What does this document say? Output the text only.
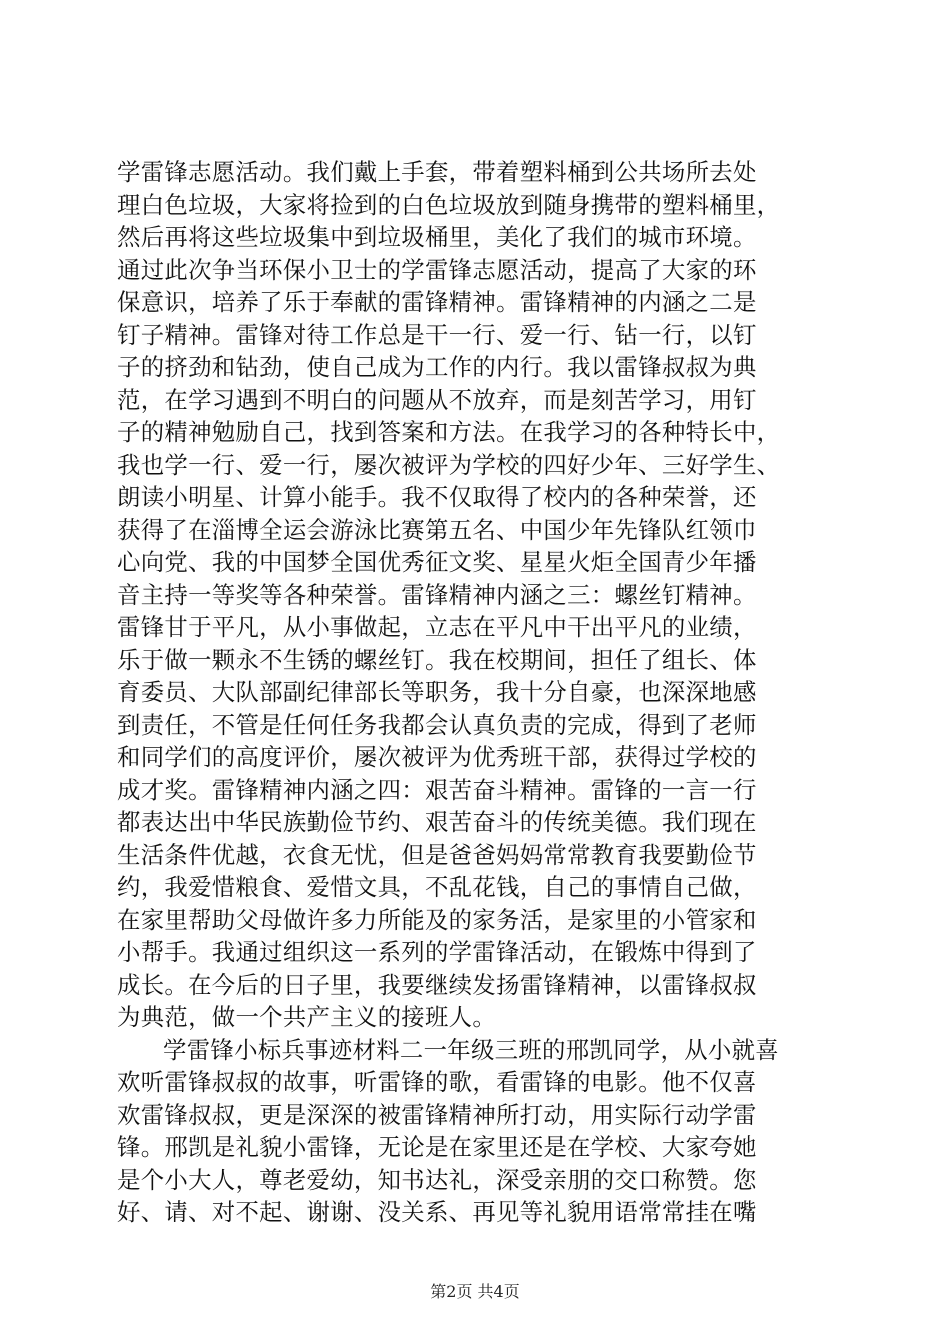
学雷锋志愿活动。我们戴上手套，带着塑料桶到公共场所去处
理白色垃圾，大家将捡到的白色垃圾放到随身携带的塑料桶里，
然后再将这些垃圾集中到垃圾桶里，美化了我们的城市环境。
通过此次争当环保小卫士的学雷锋志愿活动，提高了大家的环
保意识，培养了乐于奉献的雷锋精神。雷锋精神的内涵之二是
钉子精神。雷锋对待工作总是干一行、爱一行、钻一行，以钉
子的挤劲和钻劲，使自己成为工作的内行。我以雷锋叔叔为典
范，在学习遇到不明白的问题从不放弃，而是刻苦学习，用钉
子的精神勉励自己，找到答案和方法。在我学习的各种特长中，
我也学一行、爱一行，屡次被评为学校的四好少年、三好学生、
朗读小明星、计算小能手。我不仅取得了校内的各种荣誉，还
获得了在淄博全运会游泳比赛第五名、中国少年先锋队红领巾
心向党、我的中国梦全国优秀征文奖、星星火炬全国青少年播
音主持一等奖等各种荣誉。雷锋精神内涵之三：螺丝钉精神。
雷锋甘于平凡，从小事做起，立志在平凡中干出平凡的业绩，
乐于做一颗永不生锈的螺丝钉。我在校期间，担任了组长、体
育委员、大队部副纪律部长等职务，我十分自豪，也深深地感
到责任，不管是任何任务我都会认真负责的完成，得到了老师
和同学们的高度评价，屡次被评为优秀班干部，获得过学校的
成才奖。雷锋精神内涵之四：艰苦奋斗精神。雷锋的一言一行
都表达出中华民族勤俭节约、艰苦奋斗的传统美德。我们现在
生活条件优越，衣食无忧，但是爸爸妈妈常常教育我要勤俭节
约，我爱惜粮食、爱惜文具，不乱花钱，自己的事情自己做，
在家里帮助父母做许多力所能及的家务活，是家里的小管家和
小帮手。我通过组织这一系列的学雷锋活动，在锻炼中得到了
成长。在今后的日子里，我要继续发扬雷锋精神，以雷锋叔叔
为典范，做一个共产主义的接班人。
学雷锋小标兵事迹材料二一年级三班的邢凯同学，从小就喜
欢听雷锋叔叔的故事，听雷锋的歌，看雷锋的电影。他不仅喜
欢雷锋叔叔，更是深深的被雷锋精神所打动，用实际行动学雷
锋。邢凯是礼貌小雷锋，无论是在家里还是在学校、大家夸她
是个小大人，尊老爱幼，知书达礼，深受亲朋的交口称赞。您
好、请、对不起、谢谢、没关系、再见等礼貌用语常常挂在嘴
第2页 共4页
